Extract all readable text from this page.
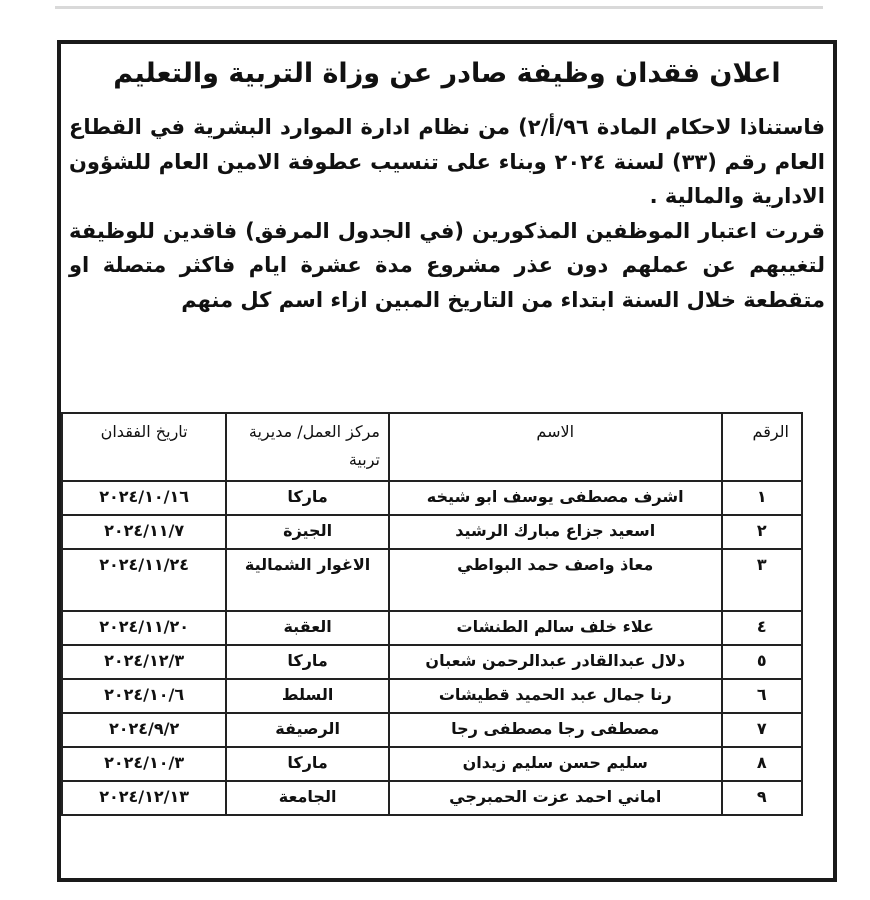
اعلان فقدان وظيفة صادر عن وزاة التربية والتعليم

فاستناذا لاحكام المادة ٩٦/أ/٢) من نظام ادارة الموارد البشرية في القطاع العام رقم (٣٣) لسنة ٢٠٢٤ وبناء على تنسيب عطوفة الامين العام للشؤون الادارية والمالية .

قررت اعتبار الموظفين المذكورين (في الجدول المرفق) فاقدين للوظيفة لتغيبهم عن عملهم دون عذر مشروع مدة عشرة ايام فاكثر متصلة او متقطعة خلال السنة ابتداء من التاريخ المبين ازاء اسم كل منهم

الرقم	الاسم	مركز العمل/ مديرية تربية	تاريخ الفقدان
١	اشرف مصطفى يوسف ابو شيخه	ماركا	٢٠٢٤/١٠/١٦
٢	اسعيد جزاع مبارك الرشيد	الجيزة	٢٠٢٤/١١/٧
٣	معاذ واصف حمد البواطي	الاغوار الشمالية	٢٠٢٤/١١/٢٤
٤	علاء خلف سالم الطنشات	العقبة	٢٠٢٤/١١/٢٠
٥	دلال عبدالقادر عبدالرحمن شعبان	ماركا	٢٠٢٤/١٢/٣
٦	رنا جمال عبد الحميد قطيشات	السلط	٢٠٢٤/١٠/٦
٧	مصطفى رجا مصطفى رجا	الرصيفة	٢٠٢٤/٩/٢
٨	سليم حسن سليم زيدان	ماركا	٢٠٢٤/١٠/٣
٩	اماني احمد عزت الحمبرجي	الجامعة	٢٠٢٤/١٢/١٣
